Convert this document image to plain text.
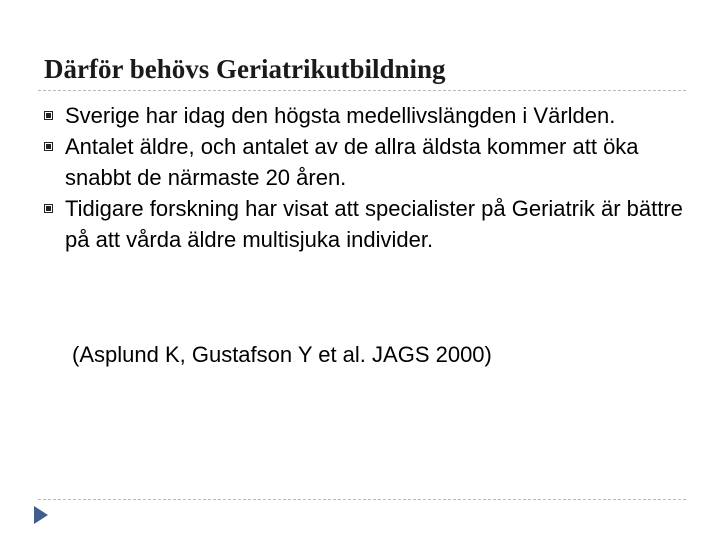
Därför behövs Geriatrikutbildning
Sverige har idag den högsta medellivslängden i Världen.
Antalet äldre, och antalet av de allra äldsta kommer att öka snabbt de närmaste 20 åren.
Tidigare forskning har visat att specialister på Geriatrik är bättre på att vårda äldre multisjuka individer.
(Asplund K, Gustafson Y et al. JAGS 2000)
